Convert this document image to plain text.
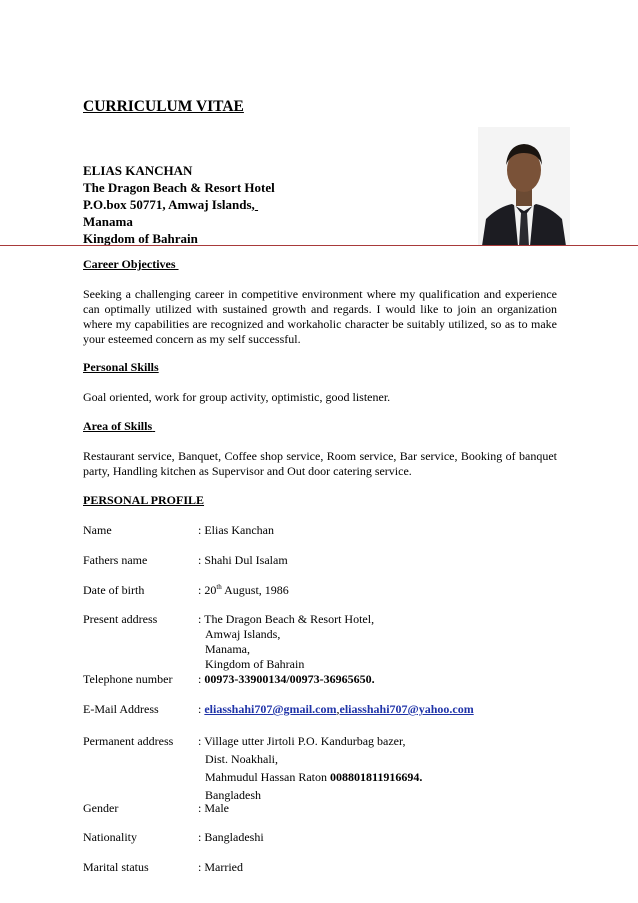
CURRICULUM VITAE
ELIAS KANCHAN
The Dragon Beach & Resort Hotel
P.O.box 50771, Amwaj Islands,
Manama
Kingdom of Bahrain
Career Objectives
Seeking a challenging career in competitive environment where my qualification and experience can optimally utilized with sustained growth and regards. I would like to join an organization where my capabilities are recognized and workaholic character be suitably utilized, so as to make your esteemed concern as my self successful.
Personal Skills
Goal oriented, work for group activity, optimistic, good listener.
Area of Skills
Restaurant service, Banquet, Coffee shop service, Room service, Bar service, Booking of banquet party, Handling kitchen as Supervisor and Out door catering service.
PERSONAL PROFILE
Name	: Elias Kanchan
Fathers name	: Shahi Dul Isalam
Date of birth	: 20th August, 1986
Present address	: The Dragon Beach & Resort Hotel,
Amwaj Islands,
Manama,
Kingdom of Bahrain
Telephone number : 00973-33900134/00973-36965650.
E-Mail Address	: eliasshahi707@gmail.com,eliasshahi707@yahoo.com
Permanent address : Village utter Jirtoli P.O. Kandurbag bazer,
Dist. Noakhali,
Mahmudul Hassan Raton 008801811916694.
Bangladesh
Gender	: Male
Nationality	: Bangladeshi
Marital status	: Married
